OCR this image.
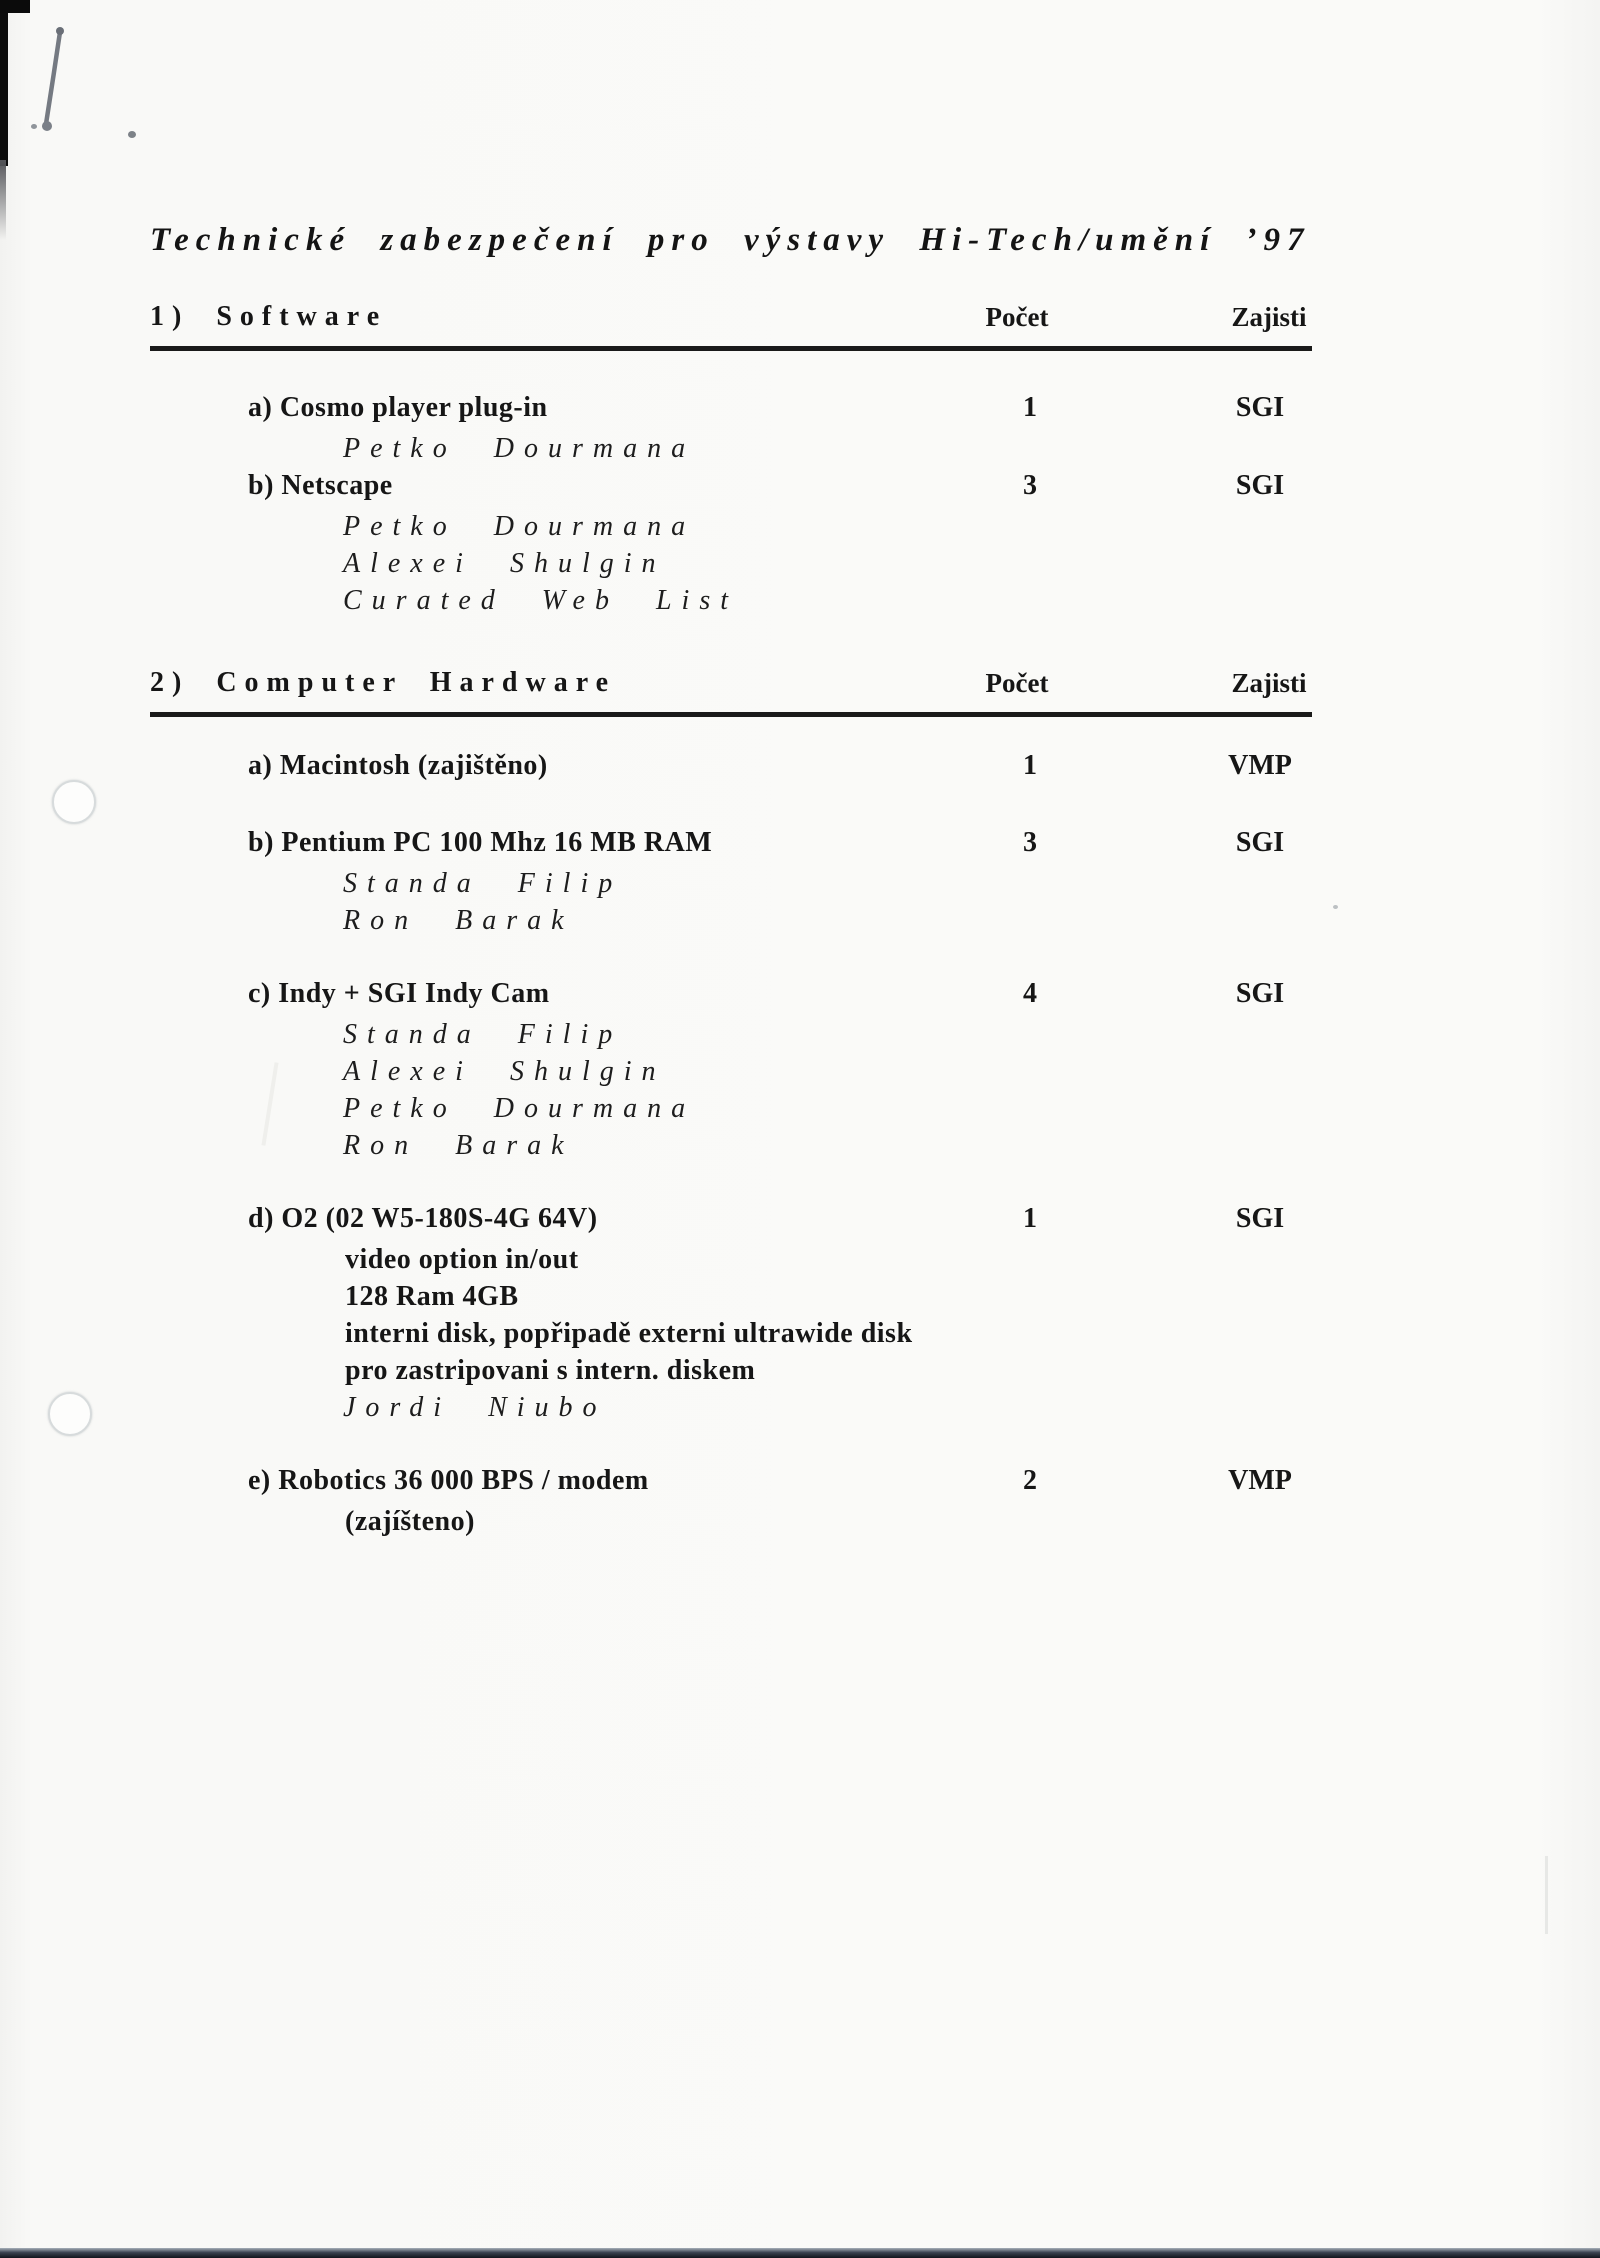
Technické zabezpečení pro výstavy Hi-Tech/umění ’97
1) Software	Počet	Zajisti
a) Cosmo player plug-in	1	SGI
Petko Dourmana
b) Netscape	3	SGI
Petko Dourmana
Alexei Shulgin
Curated Web List
2) Computer Hardware	Počet	Zajisti
a) Macintosh (zajištěno)	1	VMP
b) Pentium PC 100 Mhz 16 MB RAM	3	SGI
Standa Filip
Ron Barak
c) Indy + SGI Indy Cam	4	SGI
Standa Filip
Alexei Shulgin
Petko Dourmana
Ron Barak
d) O2 (02 W5-180S-4G 64V)	1	SGI
video option in/out
128 Ram 4GB
interni disk, popřipadě externi ultrawide disk
pro zastripovani s intern. diskem
Jordi Niubo
e) Robotics 36 000 BPS / modem	2	VMP
(zajíšteno)
